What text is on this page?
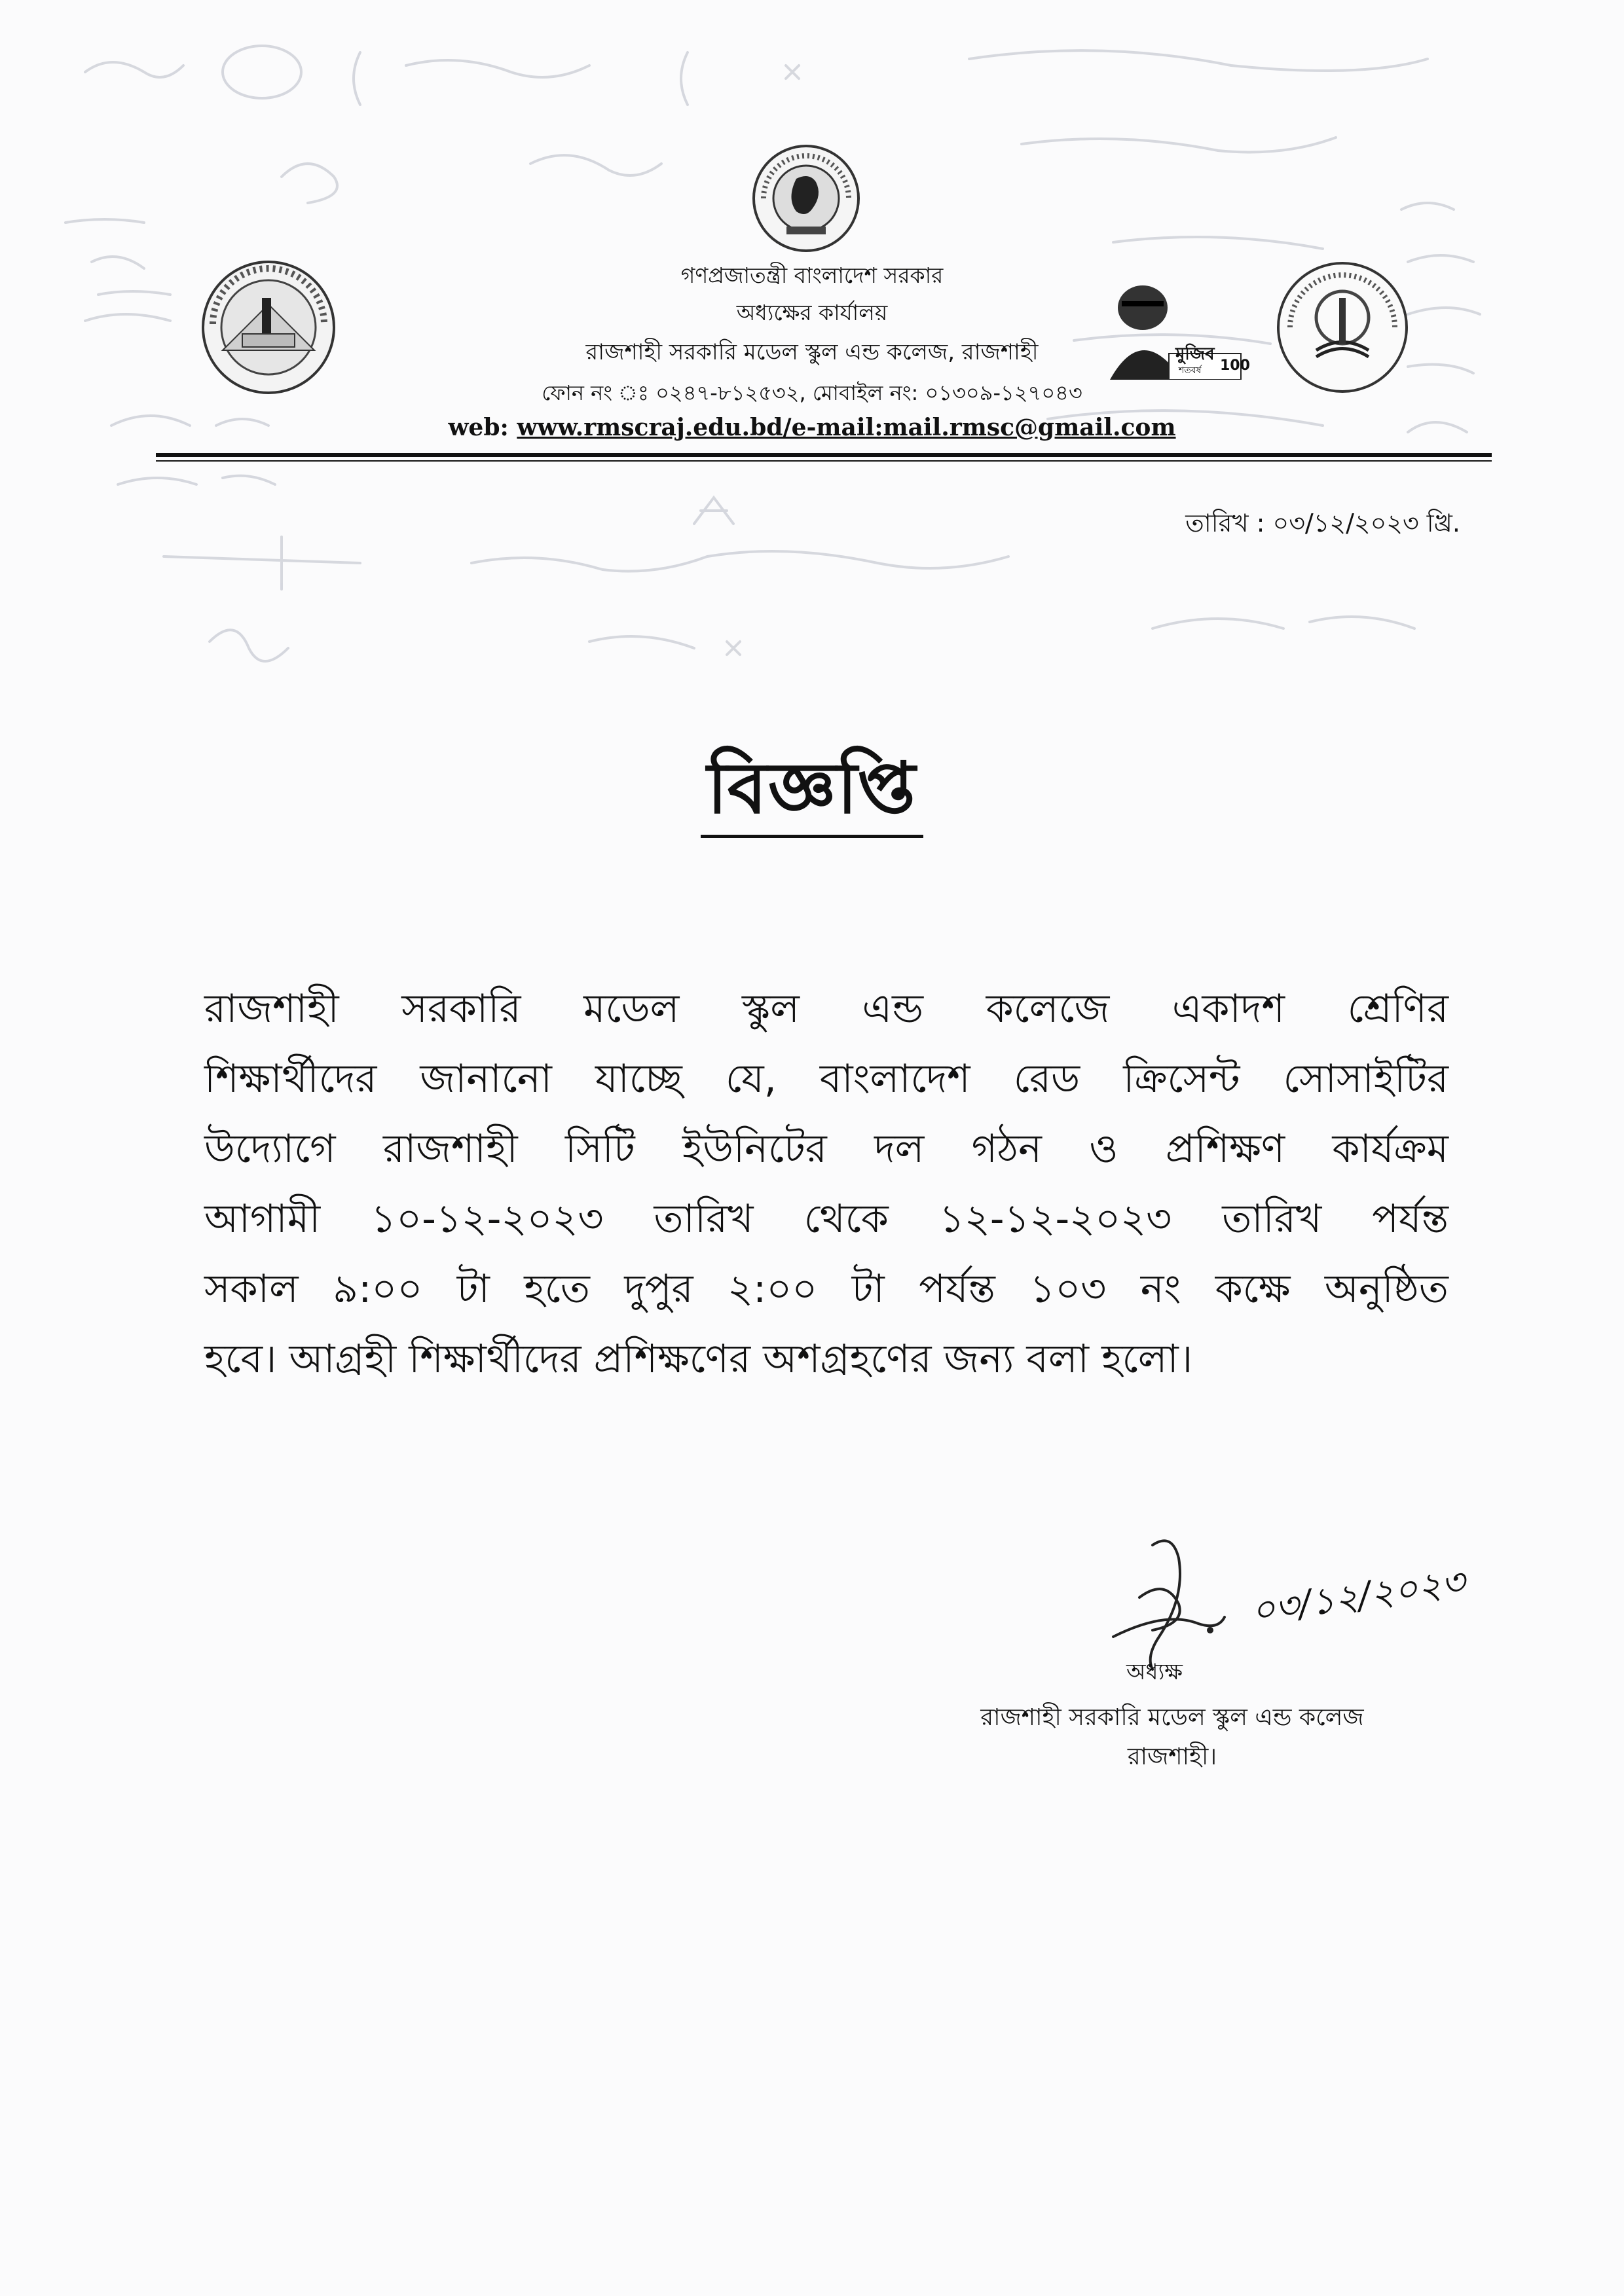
মুজিব
শতবর্ষ 100
গণপ্রজাতন্ত্রী বাংলাদেশ সরকার
অধ্যক্ষের কার্যালয়
রাজশাহী সরকারি মডেল স্কুল এন্ড কলেজ, রাজশাহী
ফোন নং ঃ ০২৪৭-৮১২৫৩২, মোবাইল নং: ০১৩০৯-১২৭০৪৩
web: www.rmscraj.edu.bd/e-mail:mail.rmsc@gmail.com
তারিখ : ০৩/১২/২০২৩ খ্রি.
বিজ্ঞপ্তি
রাজশাহী সরকারি মডেল স্কুল এন্ড কলেজে একাদশ শ্রেণির
শিক্ষার্থীদের জানানো যাচ্ছে যে, বাংলাদেশ রেড ক্রিসেন্ট সোসাইটির
উদ্যোগে রাজশাহী সিটি ইউনিটের দল গঠন ও প্রশিক্ষণ কার্যক্রম
আগামী ১০-১২-২০২৩ তারিখ থেকে ১২-১২-২০২৩ তারিখ পর্যন্ত
সকাল ৯:০০ টা হতে দুপুর ২:০০ টা পর্যন্ত ১০৩ নং কক্ষে অনুষ্ঠিত
হবে। আগ্রহী শিক্ষার্থীদের প্রশিক্ষণের অশগ্রহণের জন্য বলা হলো।
০৩/১২/২০২৩
অধ্যক্ষ
রাজশাহী সরকারি মডেল স্কুল এন্ড কলেজ
রাজশাহী।
